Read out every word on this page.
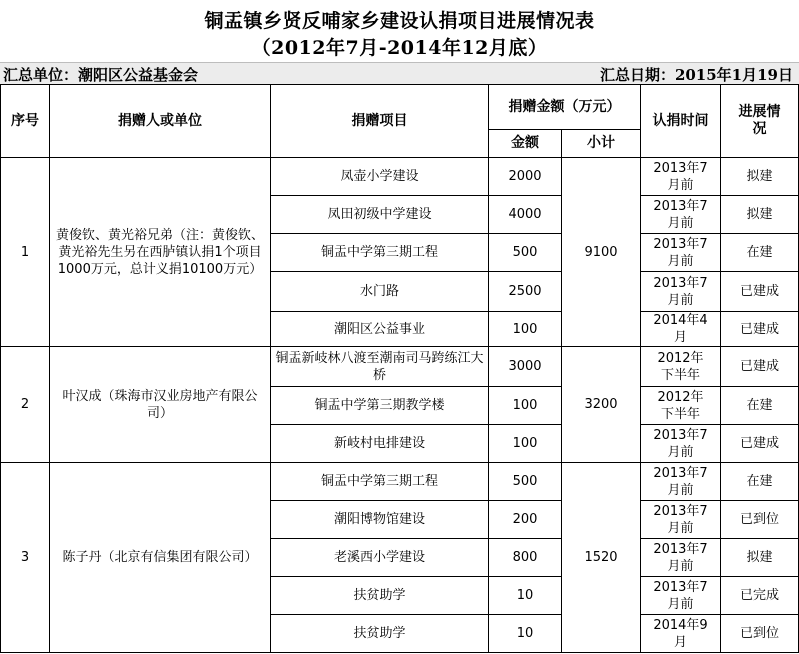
铜盂镇乡贤反哺家乡建设认捐项目进展情况表
（2012年7月-2014年12月底）
汇总单位：潮阳区公益基金会	汇总日期：2015年1月19日
序号	捐赠人或单位	捐赠项目	捐赠金额（万元）		认捐时间	进展情况
			金额	小计		
1	黄俊钦、黄光裕兄弟（注：黄俊钦、黄光裕先生另在西胪镇认捐1个项目1000万元，总计义捐10100万元）	凤壶小学建设	2000	9100	2013年7月前	拟建
		凤田初级中学建设	4000		2013年7月前	拟建
		铜盂中学第三期工程	500		2013年7月前	在建
		水门路	2500		2013年7月前	已建成
		潮阳区公益事业	100		2014年4月	已建成
2	叶汉成（珠海市汉业房地产有限公司）	铜盂新岐林八渡至潮南司马跨练江大桥	3000	3200	2012年下半年	已建成
		铜盂中学第三期教学楼	100		2012年下半年	在建
		新岐村电排建设	100		2013年7月前	已建成
3	陈子丹（北京有信集团有限公司）	铜盂中学第三期工程	500	1520	2013年7月前	在建
		潮阳博物馆建设	200		2013年7月前	已到位
		老溪西小学建设	800		2013年7月前	拟建
		扶贫助学	10		2013年7月前	已完成
		扶贫助学	10		2014年9月	已到位
